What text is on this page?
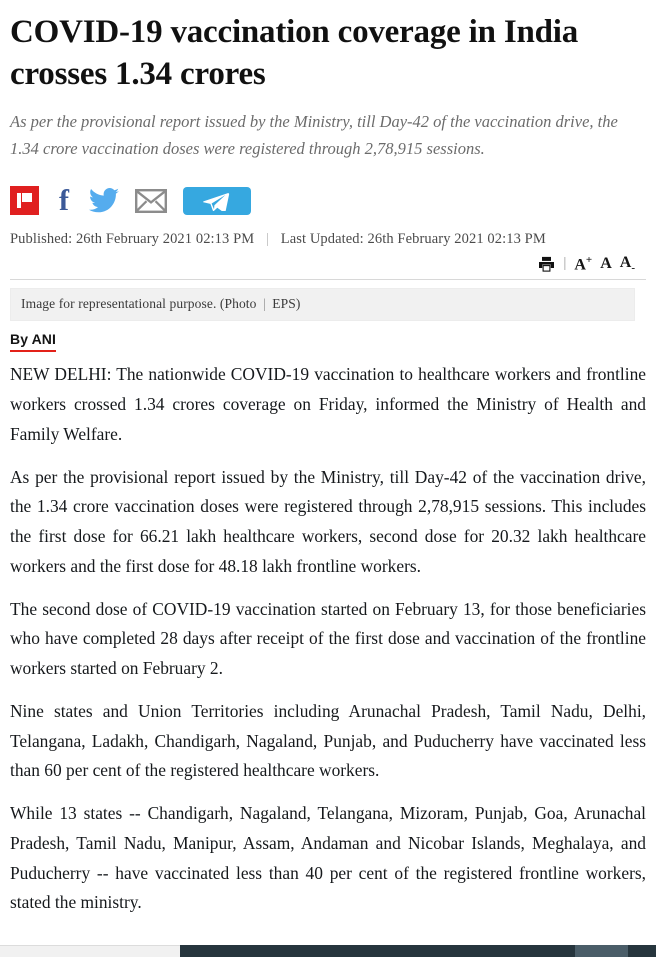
COVID-19 vaccination coverage in India crosses 1.34 crores

As per the provisional report issued by the Ministry, till Day-42 of the vaccination drive, the 1.34 crore vaccination doses were registered through 2,78,915 sessions.

f
Published: 26th February 2021 02:13 PM | Last Updated: 26th February 2021 02:13 PM
| A+ A $A_-$
Image for representational purpose. (Photo | EPS)
By ANI

NEW DELHI: The nationwide COVID-19 vaccination to healthcare workers and frontline workers crossed 1.34 crores coverage on Friday, informed the Ministry of Health and Family Welfare.

As per the provisional report issued by the Ministry, till Day-42 of the vaccination drive, the 1.34 crore vaccination doses were registered through 2,78,915 sessions. This includes the first dose for 66.21 lakh healthcare workers, second dose for 20.32 lakh healthcare workers and the first dose for 48.18 lakh frontline workers.

The second dose of COVID-19 vaccination started on February 13, for those beneficiaries who have completed 28 days after receipt of the first dose and vaccination of the frontline workers started on February 2.

Nine states and Union Territories including Arunachal Pradesh, Tamil Nadu, Delhi, Telangana, Ladakh, Chandigarh, Nagaland, Punjab, and Puducherry have vaccinated less than 60 per cent of the registered healthcare workers.

While 13 states -- Chandigarh, Nagaland, Telangana, Mizoram, Punjab, Goa, Arunachal Pradesh, Tamil Nadu, Manipur, Assam, Andaman and Nicobar Islands, Meghalaya, and Puducherry -- have vaccinated less than 40 per cent of the registered frontline workers, stated the ministry.
